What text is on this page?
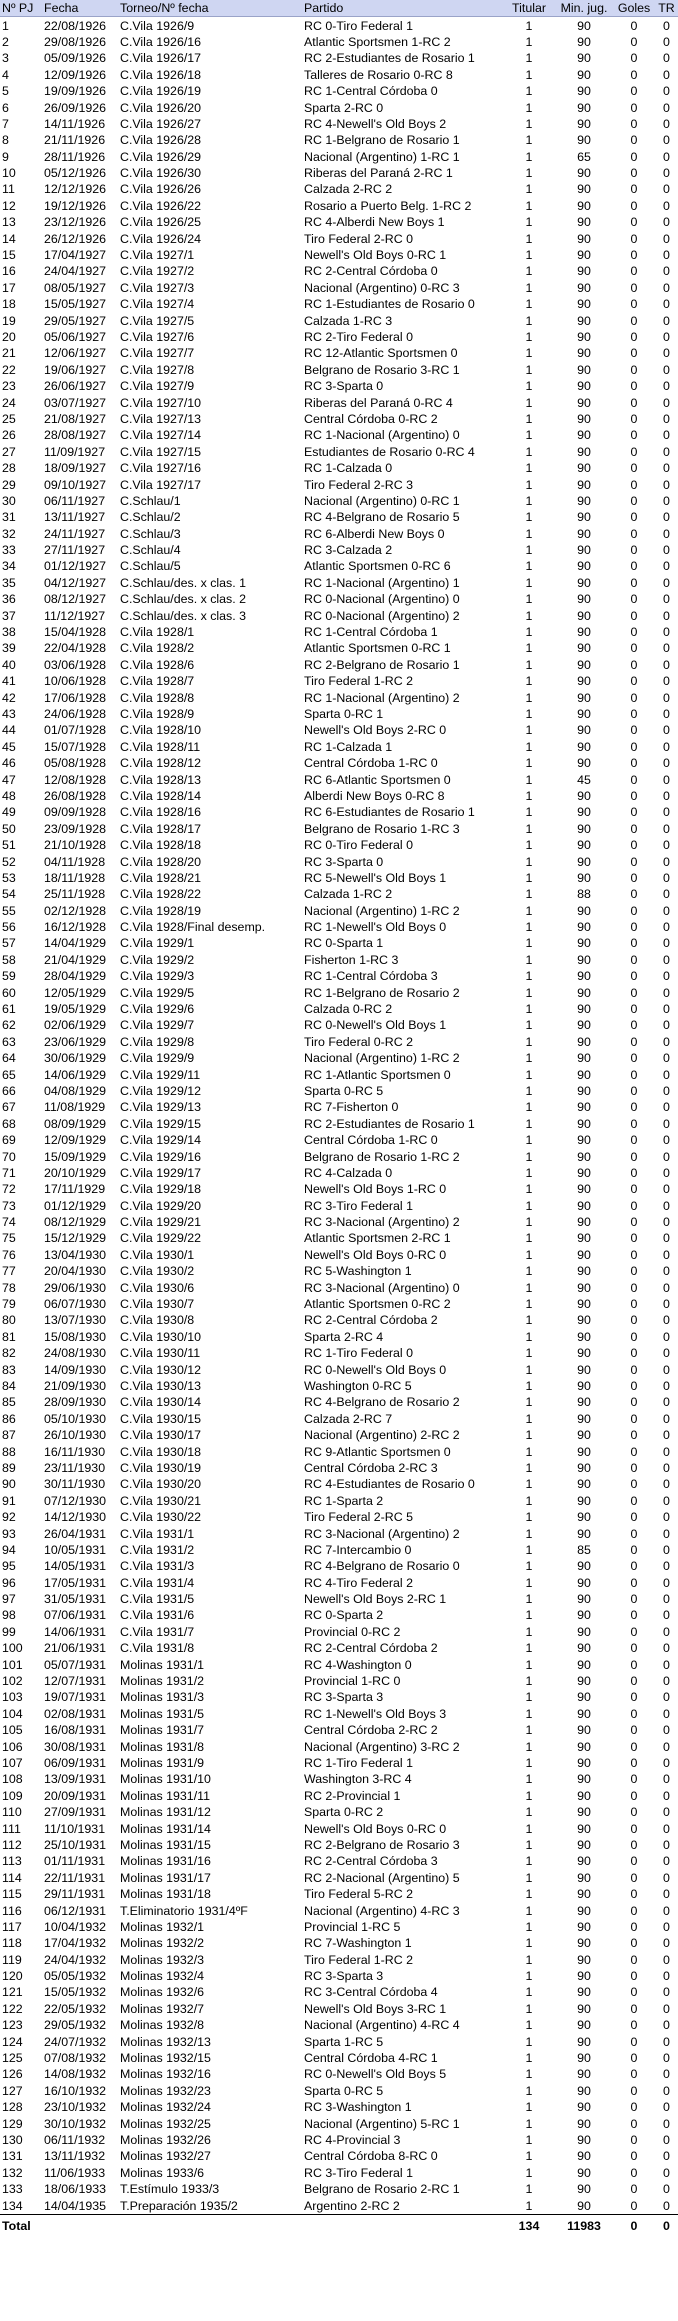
Nº PJ	Fecha	Torneo/Nº fecha	Partido	Titular	Min. jug.	Goles	TR
1	22/08/1926	C.Vila 1926/9	RC 0-Tiro Federal 1	1	90	0	0
2	29/08/1926	C.Vila 1926/16	Atlantic Sportsmen 1-RC 2	1	90	0	0
3	05/09/1926	C.Vila 1926/17	RC 2-Estudiantes de Rosario 1	1	90	0	0
4	12/09/1926	C.Vila 1926/18	Talleres de Rosario 0-RC 8	1	90	0	0
5	19/09/1926	C.Vila 1926/19	RC 1-Central Córdoba 0	1	90	0	0
6	26/09/1926	C.Vila 1926/20	Sparta 2-RC 0	1	90	0	0
7	14/11/1926	C.Vila 1926/27	RC 4-Newell's Old Boys 2	1	90	0	0
8	21/11/1926	C.Vila 1926/28	RC 1-Belgrano de Rosario 1	1	90	0	0
9	28/11/1926	C.Vila 1926/29	Nacional (Argentino) 1-RC 1	1	65	0	0
10	05/12/1926	C.Vila 1926/30	Riberas del Paraná 2-RC 1	1	90	0	0
11	12/12/1926	C.Vila 1926/26	Calzada 2-RC 2	1	90	0	0
12	19/12/1926	C.Vila 1926/22	Rosario a Puerto Belg. 1-RC 2	1	90	0	0
13	23/12/1926	C.Vila 1926/25	RC 4-Alberdi New Boys 1	1	90	0	0
14	26/12/1926	C.Vila 1926/24	Tiro Federal 2-RC 0	1	90	0	0
15	17/04/1927	C.Vila 1927/1	Newell's Old Boys 0-RC 1	1	90	0	0
16	24/04/1927	C.Vila 1927/2	RC 2-Central Córdoba 0	1	90	0	0
17	08/05/1927	C.Vila 1927/3	Nacional (Argentino) 0-RC 3	1	90	0	0
18	15/05/1927	C.Vila 1927/4	RC 1-Estudiantes de Rosario 0	1	90	0	0
19	29/05/1927	C.Vila 1927/5	Calzada 1-RC 3	1	90	0	0
20	05/06/1927	C.Vila 1927/6	RC 2-Tiro Federal 0	1	90	0	0
21	12/06/1927	C.Vila 1927/7	RC 12-Atlantic Sportsmen 0	1	90	0	0
22	19/06/1927	C.Vila 1927/8	Belgrano de Rosario 3-RC 1	1	90	0	0
23	26/06/1927	C.Vila 1927/9	RC 3-Sparta 0	1	90	0	0
24	03/07/1927	C.Vila 1927/10	Riberas del Paraná 0-RC 4	1	90	0	0
25	21/08/1927	C.Vila 1927/13	Central Córdoba 0-RC 2	1	90	0	0
26	28/08/1927	C.Vila 1927/14	RC 1-Nacional (Argentino) 0	1	90	0	0
27	11/09/1927	C.Vila 1927/15	Estudiantes de Rosario 0-RC 4	1	90	0	0
28	18/09/1927	C.Vila 1927/16	RC 1-Calzada 0	1	90	0	0
29	09/10/1927	C.Vila 1927/17	Tiro Federal 2-RC 3	1	90	0	0
30	06/11/1927	C.Schlau/1	Nacional (Argentino) 0-RC 1	1	90	0	0
31	13/11/1927	C.Schlau/2	RC 4-Belgrano de Rosario 5	1	90	0	0
32	24/11/1927	C.Schlau/3	RC 6-Alberdi New Boys 0	1	90	0	0
33	27/11/1927	C.Schlau/4	RC 3-Calzada 2	1	90	0	0
34	01/12/1927	C.Schlau/5	Atlantic Sportsmen 0-RC 6	1	90	0	0
35	04/12/1927	C.Schlau/des. x clas. 1	RC 1-Nacional (Argentino) 1	1	90	0	0
36	08/12/1927	C.Schlau/des. x clas. 2	RC 0-Nacional (Argentino) 0	1	90	0	0
37	11/12/1927	C.Schlau/des. x clas. 3	RC 0-Nacional (Argentino) 2	1	90	0	0
38	15/04/1928	C.Vila 1928/1	RC 1-Central Córdoba 1	1	90	0	0
39	22/04/1928	C.Vila 1928/2	Atlantic Sportsmen 0-RC 1	1	90	0	0
40	03/06/1928	C.Vila 1928/6	RC 2-Belgrano de Rosario 1	1	90	0	0
41	10/06/1928	C.Vila 1928/7	Tiro Federal 1-RC 2	1	90	0	0
42	17/06/1928	C.Vila 1928/8	RC 1-Nacional (Argentino) 2	1	90	0	0
43	24/06/1928	C.Vila 1928/9	Sparta 0-RC 1	1	90	0	0
44	01/07/1928	C.Vila 1928/10	Newell's Old Boys 2-RC 0	1	90	0	0
45	15/07/1928	C.Vila 1928/11	RC 1-Calzada 1	1	90	0	0
46	05/08/1928	C.Vila 1928/12	Central Córdoba 1-RC 0	1	90	0	0
47	12/08/1928	C.Vila 1928/13	RC 6-Atlantic Sportsmen 0	1	45	0	0
48	26/08/1928	C.Vila 1928/14	Alberdi New Boys 0-RC 8	1	90	0	0
49	09/09/1928	C.Vila 1928/16	RC 6-Estudiantes de Rosario 1	1	90	0	0
50	23/09/1928	C.Vila 1928/17	Belgrano de Rosario 1-RC 3	1	90	0	0
51	21/10/1928	C.Vila 1928/18	RC 0-Tiro Federal 0	1	90	0	0
52	04/11/1928	C.Vila 1928/20	RC 3-Sparta 0	1	90	0	0
53	18/11/1928	C.Vila 1928/21	RC 5-Newell's Old Boys 1	1	90	0	0
54	25/11/1928	C.Vila 1928/22	Calzada 1-RC 2	1	88	0	0
55	02/12/1928	C.Vila 1928/19	Nacional (Argentino) 1-RC 2	1	90	0	0
56	16/12/1928	C.Vila 1928/Final desemp.	RC 1-Newell's Old Boys 0	1	90	0	0
57	14/04/1929	C.Vila 1929/1	RC 0-Sparta 1	1	90	0	0
58	21/04/1929	C.Vila 1929/2	Fisherton 1-RC 3	1	90	0	0
59	28/04/1929	C.Vila 1929/3	RC 1-Central Córdoba 3	1	90	0	0
60	12/05/1929	C.Vila 1929/5	RC 1-Belgrano de Rosario 2	1	90	0	0
61	19/05/1929	C.Vila 1929/6	Calzada 0-RC 2	1	90	0	0
62	02/06/1929	C.Vila 1929/7	RC 0-Newell's Old Boys 1	1	90	0	0
63	23/06/1929	C.Vila 1929/8	Tiro Federal 0-RC 2	1	90	0	0
64	30/06/1929	C.Vila 1929/9	Nacional (Argentino) 1-RC 2	1	90	0	0
65	14/06/1929	C.Vila 1929/11	RC 1-Atlantic Sportsmen 0	1	90	0	0
66	04/08/1929	C.Vila 1929/12	Sparta 0-RC 5	1	90	0	0
67	11/08/1929	C.Vila 1929/13	RC 7-Fisherton 0	1	90	0	0
68	08/09/1929	C.Vila 1929/15	RC 2-Estudiantes de Rosario 1	1	90	0	0
69	12/09/1929	C.Vila 1929/14	Central Córdoba 1-RC 0	1	90	0	0
70	15/09/1929	C.Vila 1929/16	Belgrano de Rosario 1-RC 2	1	90	0	0
71	20/10/1929	C.Vila 1929/17	RC 4-Calzada 0	1	90	0	0
72	17/11/1929	C.Vila 1929/18	Newell's Old Boys 1-RC 0	1	90	0	0
73	01/12/1929	C.Vila 1929/20	RC 3-Tiro Federal 1	1	90	0	0
74	08/12/1929	C.Vila 1929/21	RC 3-Nacional (Argentino) 2	1	90	0	0
75	15/12/1929	C.Vila 1929/22	Atlantic Sportsmen 2-RC 1	1	90	0	0
76	13/04/1930	C.Vila 1930/1	Newell's Old Boys 0-RC 0	1	90	0	0
77	20/04/1930	C.Vila 1930/2	RC 5-Washington 1	1	90	0	0
78	29/06/1930	C.Vila 1930/6	RC 3-Nacional (Argentino) 0	1	90	0	0
79	06/07/1930	C.Vila 1930/7	Atlantic Sportsmen 0-RC 2	1	90	0	0
80	13/07/1930	C.Vila 1930/8	RC 2-Central Córdoba 2	1	90	0	0
81	15/08/1930	C.Vila 1930/10	Sparta 2-RC 4	1	90	0	0
82	24/08/1930	C.Vila 1930/11	RC 1-Tiro Federal 0	1	90	0	0
83	14/09/1930	C.Vila 1930/12	RC 0-Newell's Old Boys 0	1	90	0	0
84	21/09/1930	C.Vila 1930/13	Washington 0-RC 5	1	90	0	0
85	28/09/1930	C.Vila 1930/14	RC 4-Belgrano de Rosario 2	1	90	0	0
86	05/10/1930	C.Vila 1930/15	Calzada 2-RC 7	1	90	0	0
87	26/10/1930	C.Vila 1930/17	Nacional (Argentino) 2-RC 2	1	90	0	0
88	16/11/1930	C.Vila 1930/18	RC 9-Atlantic Sportsmen 0	1	90	0	0
89	23/11/1930	C.Vila 1930/19	Central Córdoba 2-RC 3	1	90	0	0
90	30/11/1930	C.Vila 1930/20	RC 4-Estudiantes de Rosario 0	1	90	0	0
91	07/12/1930	C.Vila 1930/21	RC 1-Sparta 2	1	90	0	0
92	14/12/1930	C.Vila 1930/22	Tiro Federal 2-RC 5	1	90	0	0
93	26/04/1931	C.Vila 1931/1	RC 3-Nacional (Argentino) 2	1	90	0	0
94	10/05/1931	C.Vila 1931/2	RC 7-Intercambio 0	1	85	0	0
95	14/05/1931	C.Vila 1931/3	RC 4-Belgrano de Rosario 0	1	90	0	0
96	17/05/1931	C.Vila 1931/4	RC 4-Tiro Federal 2	1	90	0	0
97	31/05/1931	C.Vila 1931/5	Newell's Old Boys 2-RC 1	1	90	0	0
98	07/06/1931	C.Vila 1931/6	RC 0-Sparta 2	1	90	0	0
99	14/06/1931	C.Vila 1931/7	Provincial 0-RC 2	1	90	0	0
100	21/06/1931	C.Vila 1931/8	RC 2-Central Córdoba 2	1	90	0	0
101	05/07/1931	Molinas 1931/1	RC 4-Washington 0	1	90	0	0
102	12/07/1931	Molinas 1931/2	Provincial 1-RC 0	1	90	0	0
103	19/07/1931	Molinas 1931/3	RC 3-Sparta 3	1	90	0	0
104	02/08/1931	Molinas 1931/5	RC 1-Newell's Old Boys 3	1	90	0	0
105	16/08/1931	Molinas 1931/7	Central Córdoba 2-RC 2	1	90	0	0
106	30/08/1931	Molinas 1931/8	Nacional (Argentino) 3-RC 2	1	90	0	0
107	06/09/1931	Molinas 1931/9	RC 1-Tiro Federal 1	1	90	0	0
108	13/09/1931	Molinas 1931/10	Washington 3-RC 4	1	90	0	0
109	20/09/1931	Molinas 1931/11	RC 2-Provincial 1	1	90	0	0
110	27/09/1931	Molinas 1931/12	Sparta 0-RC 2	1	90	0	0
111	11/10/1931	Molinas 1931/14	Newell's Old Boys 0-RC 0	1	90	0	0
112	25/10/1931	Molinas 1931/15	RC 2-Belgrano de Rosario 3	1	90	0	0
113	01/11/1931	Molinas 1931/16	RC 2-Central Córdoba 3	1	90	0	0
114	22/11/1931	Molinas 1931/17	RC 2-Nacional (Argentino) 5	1	90	0	0
115	29/11/1931	Molinas 1931/18	Tiro Federal 5-RC 2	1	90	0	0
116	06/12/1931	T.Eliminatorio 1931/4ºF	Nacional (Argentino) 4-RC 3	1	90	0	0
117	10/04/1932	Molinas 1932/1	Provincial 1-RC 5	1	90	0	0
118	17/04/1932	Molinas 1932/2	RC 7-Washington 1	1	90	0	0
119	24/04/1932	Molinas 1932/3	Tiro Federal 1-RC 2	1	90	0	0
120	05/05/1932	Molinas 1932/4	RC 3-Sparta 3	1	90	0	0
121	15/05/1932	Molinas 1932/6	RC 3-Central Córdoba 4	1	90	0	0
122	22/05/1932	Molinas 1932/7	Newell's Old Boys 3-RC 1	1	90	0	0
123	29/05/1932	Molinas 1932/8	Nacional (Argentino) 4-RC 4	1	90	0	0
124	24/07/1932	Molinas 1932/13	Sparta 1-RC 5	1	90	0	0
125	07/08/1932	Molinas 1932/15	Central Córdoba 4-RC 1	1	90	0	0
126	14/08/1932	Molinas 1932/16	RC 0-Newell's Old Boys 5	1	90	0	0
127	16/10/1932	Molinas 1932/23	Sparta 0-RC 5	1	90	0	0
128	23/10/1932	Molinas 1932/24	RC 3-Washington 1	1	90	0	0
129	30/10/1932	Molinas 1932/25	Nacional (Argentino) 5-RC 1	1	90	0	0
130	06/11/1932	Molinas 1932/26	RC 4-Provincial 3	1	90	0	0
131	13/11/1932	Molinas 1932/27	Central Córdoba 8-RC 0	1	90	0	0
132	11/06/1933	Molinas 1933/6	RC 3-Tiro Federal 1	1	90	0	0
133	18/06/1933	T.Estímulo 1933/3	Belgrano de Rosario 2-RC 1	1	90	0	0
134	14/04/1935	T.Preparación 1935/2	Argentino 2-RC 2	1	90	0	0
Total				134	11983	0	0
